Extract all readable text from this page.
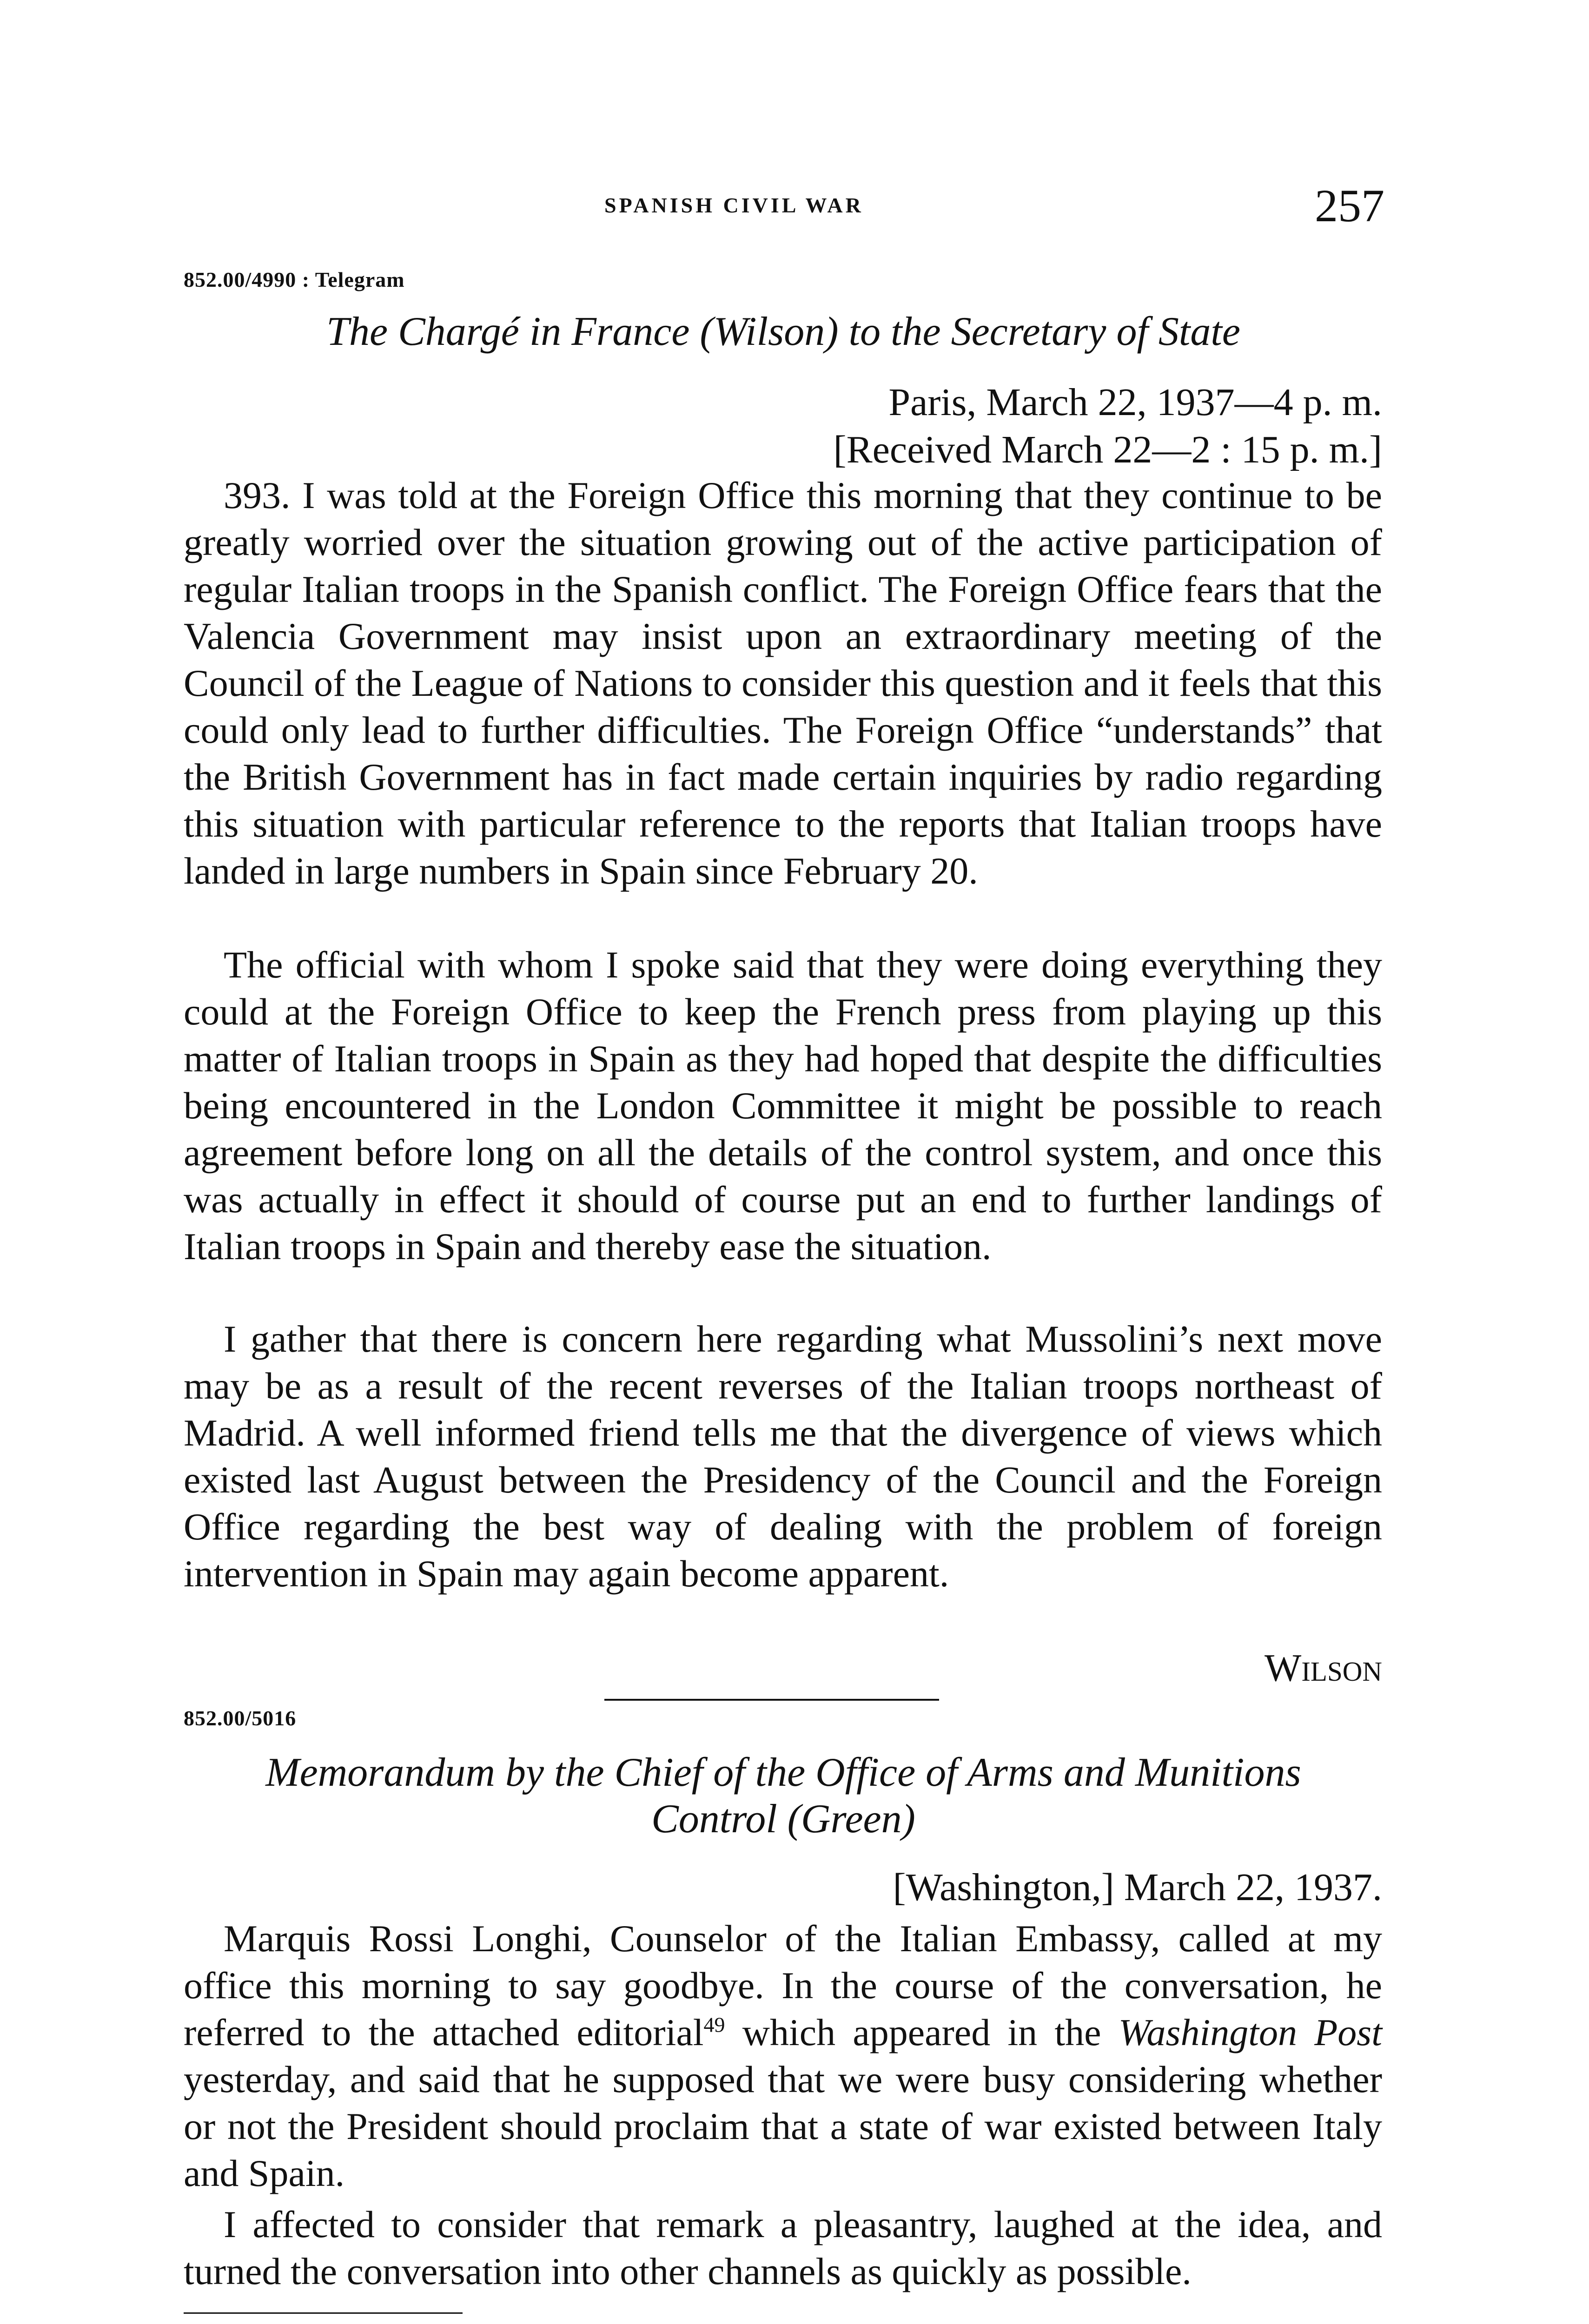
SPANISH CIVIL WAR	257
852.00/4990 : Telegram
The Chargé in France (Wilson) to the Secretary of State
Paris, March 22, 1937—4 p. m.
[Received March 22—2 : 15 p. m.]
393. I was told at the Foreign Office this morning that they continue to be greatly worried over the situation growing out of the active participation of regular Italian troops in the Spanish conflict. The Foreign Office fears that the Valencia Government may insist upon an extraordinary meeting of the Council of the League of Nations to consider this question and it feels that this could only lead to further difficulties. The Foreign Office “understands” that the British Government has in fact made certain inquiries by radio regarding this situation with particular reference to the reports that Italian troops have landed in large numbers in Spain since February 20.
The official with whom I spoke said that they were doing everything they could at the Foreign Office to keep the French press from playing up this matter of Italian troops in Spain as they had hoped that despite the difficulties being encountered in the London Committee it might be possible to reach agreement before long on all the details of the control system, and once this was actually in effect it should of course put an end to further landings of Italian troops in Spain and thereby ease the situation.
I gather that there is concern here regarding what Mussolini’s next move may be as a result of the recent reverses of the Italian troops northeast of Madrid. A well informed friend tells me that the divergence of views which existed last August between the Presidency of the Council and the Foreign Office regarding the best way of dealing with the problem of foreign intervention in Spain may again become apparent.
Wilson
852.00/5016
Memorandum by the Chief of the Office of Arms and Munitions
Control (Green)
[Washington,] March 22, 1937.
Marquis Rossi Longhi, Counselor of the Italian Embassy, called at my office this morning to say goodbye. In the course of the conversation, he referred to the attached editorial$^{49}$ which appeared in the Washington Post yesterday, and said that he supposed that we were busy considering whether or not the President should proclaim that a state of war existed between Italy and Spain.
I affected to consider that remark a pleasantry, laughed at the idea, and turned the conversation into other channels as quickly as possible.
